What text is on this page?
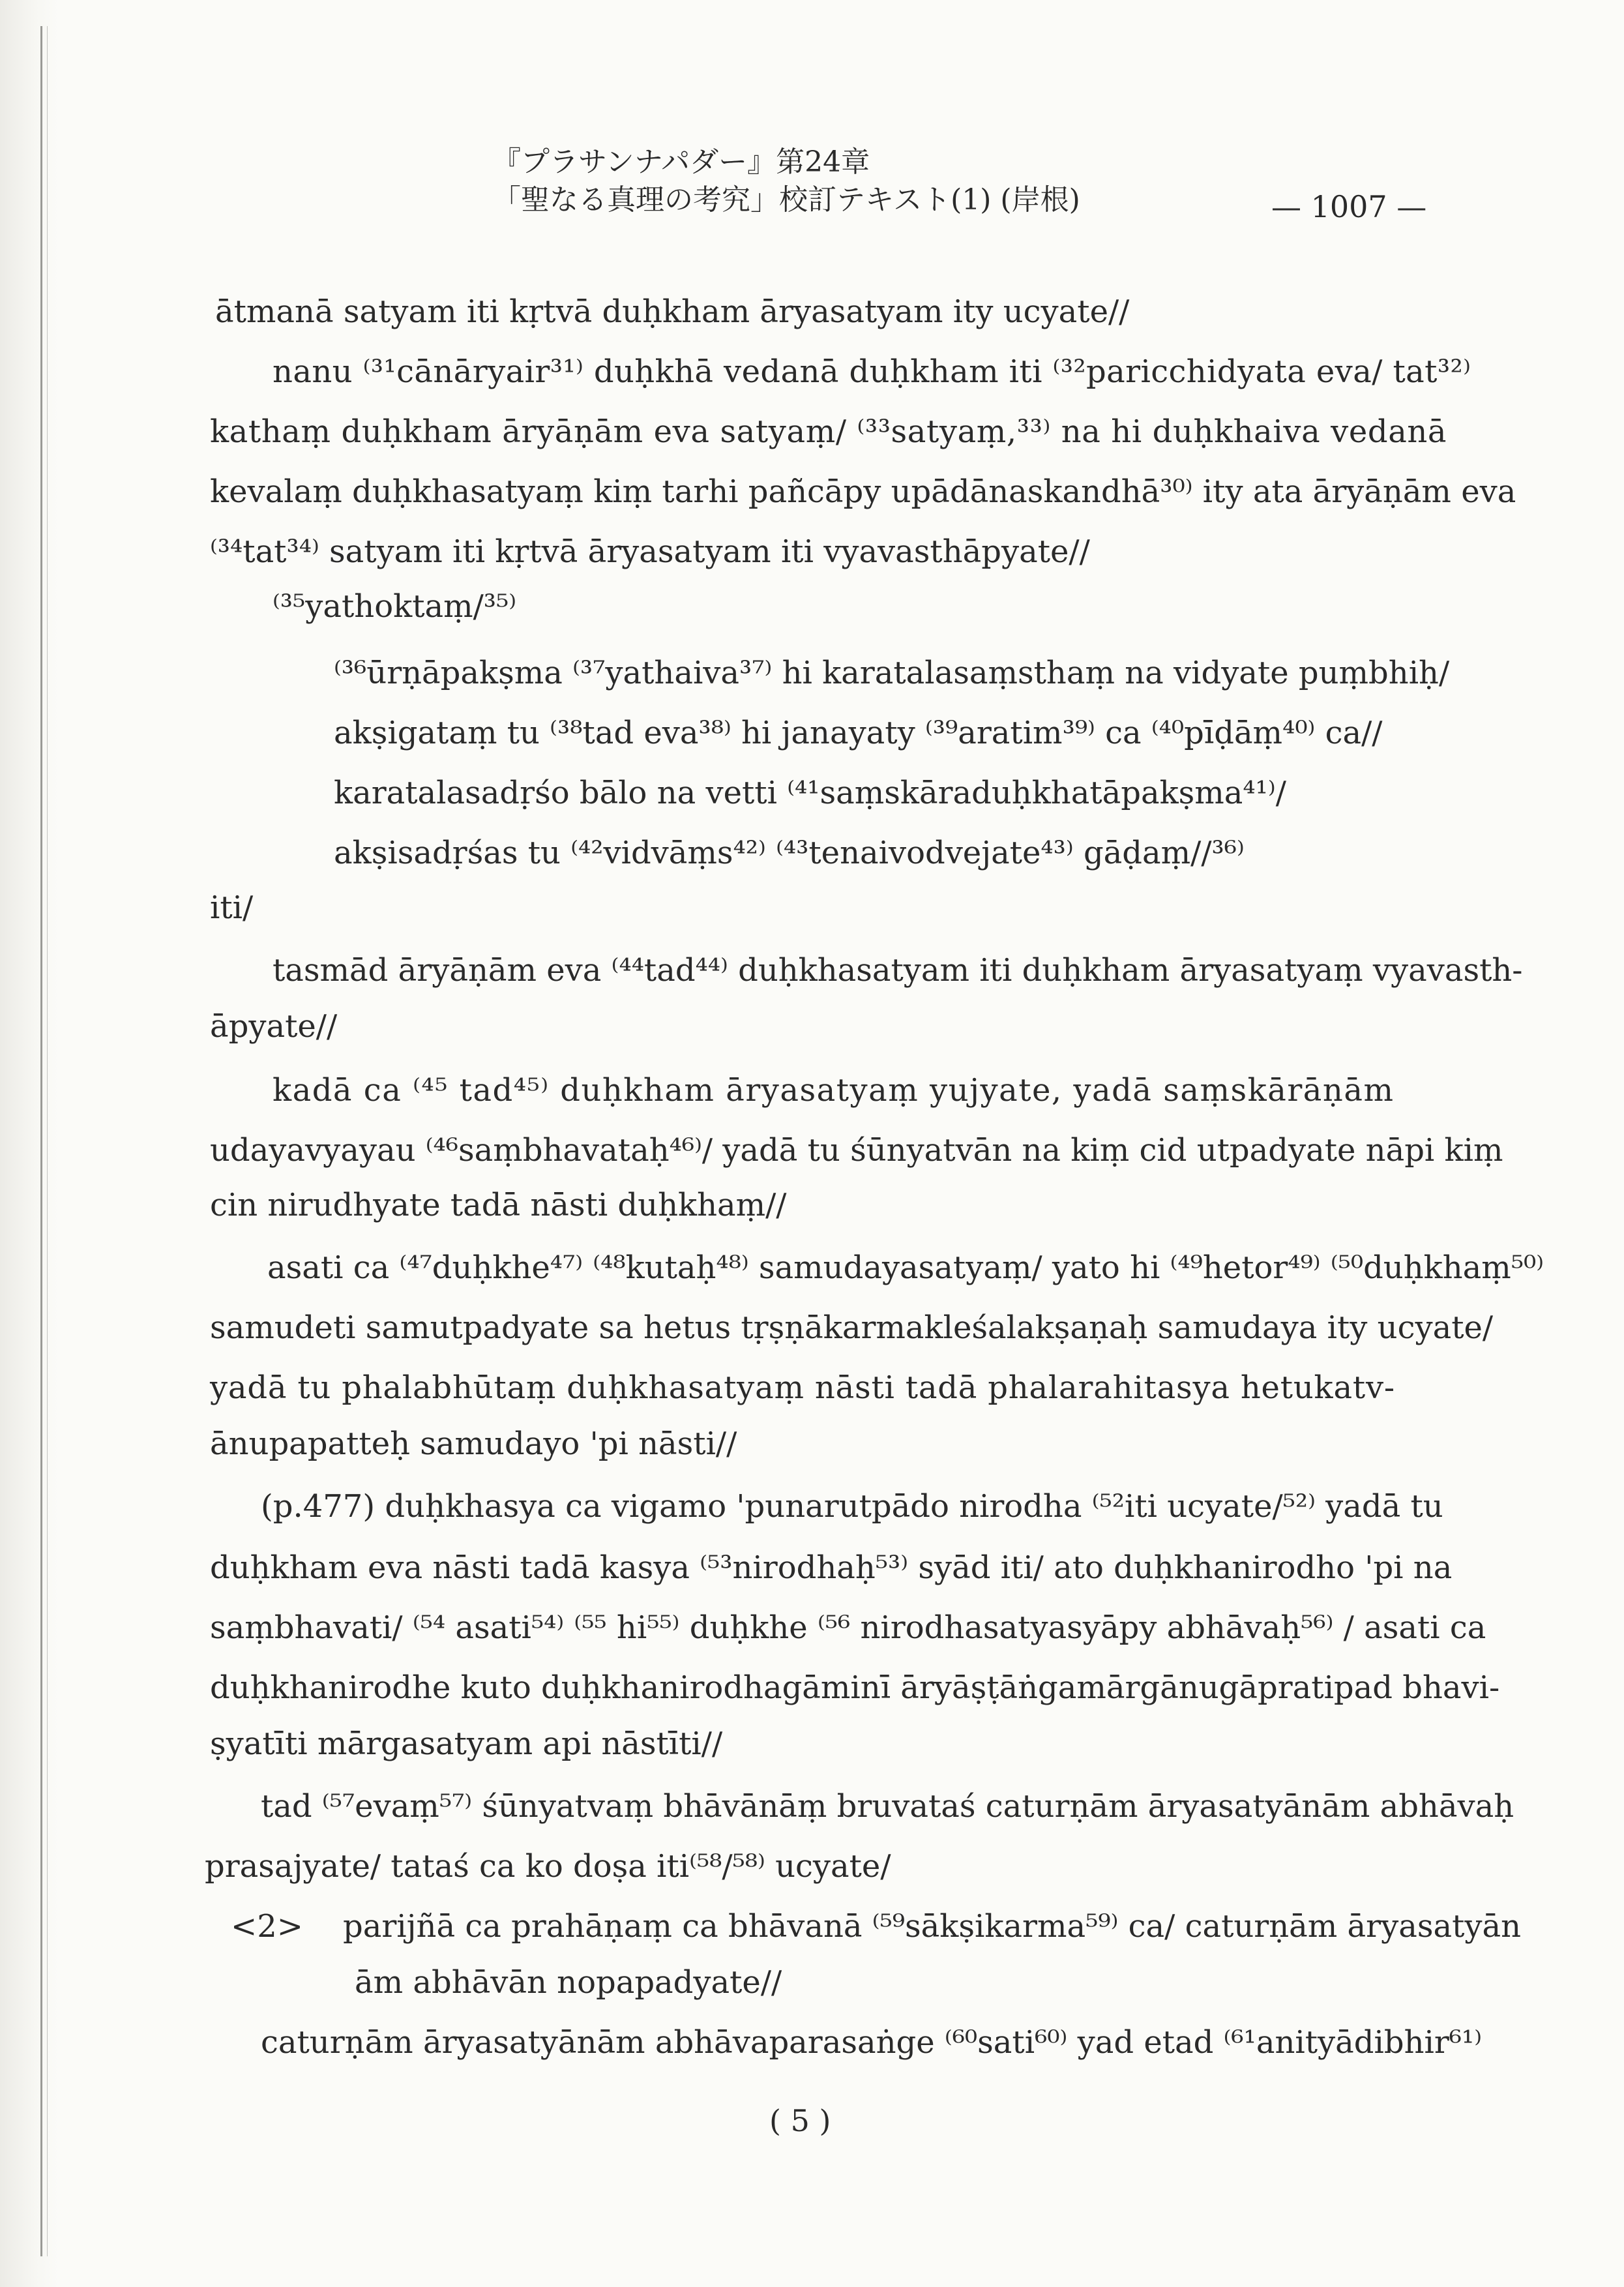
『プラサンナパダー』第24章
「聖なる真理の考究」校訂テキスト(1) (岸根)	— 1007 —
ātmanā satyam iti kṛtvā duḥkham āryasatyam ity ucyate//
nanu ⁽³¹cānāryair³¹⁾ duḥkhā vedanā duḥkham iti ⁽³²paricchidyata eva/ tat³²⁾
kathaṃ duḥkham āryāṇām eva satyaṃ/ ⁽³³satyaṃ,³³⁾ na hi duḥkhaiva vedanā
kevalaṃ duḥkhasatyaṃ kiṃ tarhi pañcāpy upādānaskandhā³⁰⁾ ity ata āryāṇām eva
⁽³⁴tat³⁴⁾ satyam iti kṛtvā āryasatyam iti vyavasthāpyate//
⁽³⁵yathoktaṃ/³⁵⁾
⁽³⁶ūrṇāpakṣma ⁽³⁷yathaiva³⁷⁾ hi karatalasaṃsthaṃ na vidyate puṃbhiḥ/
akṣigataṃ tu ⁽³⁸tad eva³⁸⁾ hi janayaty ⁽³⁹aratim³⁹⁾ ca ⁽⁴⁰pīḍāṃ⁴⁰⁾ ca//
karatalasadṛśo bālo na vetti ⁽⁴¹saṃskāraduḥkhatāpakṣma⁴¹⁾/
akṣisadṛśas tu ⁽⁴²vidvāṃs⁴²⁾ ⁽⁴³tenaivodvejate⁴³⁾ gāḍaṃ//³⁶⁾
iti/
tasmād āryāṇām eva ⁽⁴⁴tad⁴⁴⁾ duḥkhasatyam iti duḥkham āryasatyaṃ vyavasth-
āpyate//
kadā ca ⁽⁴⁵ tad⁴⁵⁾ duḥkham āryasatyaṃ yujyate, yadā saṃskārāṇām
udayavyayau ⁽⁴⁶saṃbhavataḥ⁴⁶⁾/ yadā tu śūnyatvān na kiṃ cid utpadyate nāpi kiṃ
cin nirudhyate tadā nāsti duḥkhaṃ//
asati ca ⁽⁴⁷duḥkhe⁴⁷⁾ ⁽⁴⁸kutaḥ⁴⁸⁾ samudayasatyaṃ/ yato hi ⁽⁴⁹hetor⁴⁹⁾ ⁽⁵⁰duḥkhaṃ⁵⁰⁾
samudeti samutpadyate sa hetus tṛṣṇākarmakleśalakṣaṇaḥ samudaya ity ucyate/
yadā tu phalabhūtaṃ duḥkhasatyaṃ nāsti tadā phalarahitasya hetukatv-
ānupapatteḥ samudayo 'pi nāsti//
(p.477) duḥkhasya ca vigamo 'punarutpādo nirodha ⁽⁵²iti ucyate/⁵²⁾ yadā tu
duḥkham eva nāsti tadā kasya ⁽⁵³nirodhaḥ⁵³⁾ syād iti/ ato duḥkhanirodho 'pi na
saṃbhavati/ ⁽⁵⁴ asati⁵⁴⁾ ⁽⁵⁵ hi⁵⁵⁾ duḥkhe ⁽⁵⁶ nirodhasatyasyāpy abhāvaḥ⁵⁶⁾ / asati ca
duḥkhanirodhe kuto duḥkhanirodhagāminī āryāṣṭāṅgamārgānugāpratipad bhavi-
ṣyatīti mārgasatyam api nāstīti//
tad ⁽⁵⁷evaṃ⁵⁷⁾ śūnyatvaṃ bhāvānāṃ bruvataś caturṇām āryasatyānām abhāvaḥ
prasajyate/ tataś ca ko doṣa iti⁽⁵⁸/⁵⁸⁾ ucyate/
<2>    parijñā ca prahāṇaṃ ca bhāvanā ⁽⁵⁹sākṣikarma⁵⁹⁾ ca/ caturṇām āryasatyān
ām abhāvān nopapadyate//
caturṇām āryasatyānām abhāvaparasaṅge ⁽⁶⁰sati⁶⁰⁾ yad etad ⁽⁶¹anityādibhir⁶¹⁾
( 5 )
